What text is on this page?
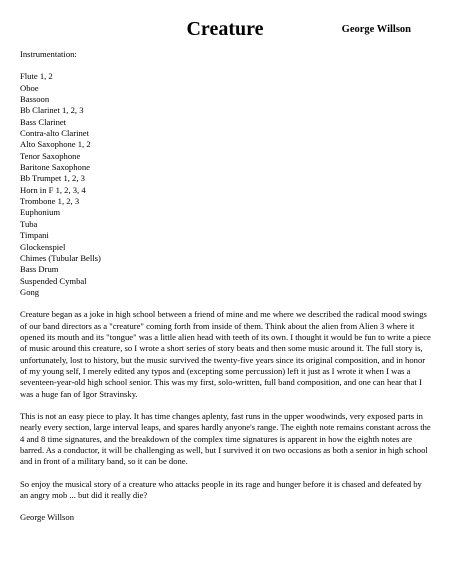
Creature	George Willson
Instrumentation:
Flute 1, 2
Oboe
Bassoon
Bb Clarinet 1, 2, 3
Bass Clarinet
Contra-alto Clarinet
Alto Saxophone 1, 2
Tenor Saxophone
Baritone Saxophone
Bb Trumpet 1, 2, 3
Horn in F 1, 2, 3, 4
Trombone 1, 2, 3
Euphonium
Tuba
Timpani
Glockenspiel
Chimes (Tubular Bells)
Bass Drum
Suspended Cymbal
Gong

Creature began as a joke in high school between a friend of mine and me where we described the radical mood swings of our band directors as a "creature" coming forth from inside of them. Think about the alien from Alien 3 where it opened its mouth and its "tongue" was a little alien head with teeth of its own. I thought it would be fun to write a piece of music around this creature, so I wrote a short series of story beats and then some music around it. The full story is, unfortunately, lost to history, but the music survived the twenty-five years since its original composition, and in honor of my young self, I merely edited any typos and (excepting some percussion) left it just as I wrote it when I was a seventeen-year-old high school senior. This was my first, solo-written, full band composition, and one can hear that I was a huge fan of Igor Stravinsky.

This is not an easy piece to play. It has time changes aplenty, fast runs in the upper woodwinds, very exposed parts in nearly every section, large interval leaps, and spares hardly anyone's range. The eighth note remains constant across the 4 and 8 time signatures, and the breakdown of the complex time signatures is apparent in how the eighth notes are barred. As a conductor, it will be challenging as well, but I survived it on two occasions as both a senior in high school and in front of a military band, so it can be done.

So enjoy the musical story of a creature who attacks people in its rage and hunger before it is chased and defeated by an angry mob ... but did it really die?

George Willson
